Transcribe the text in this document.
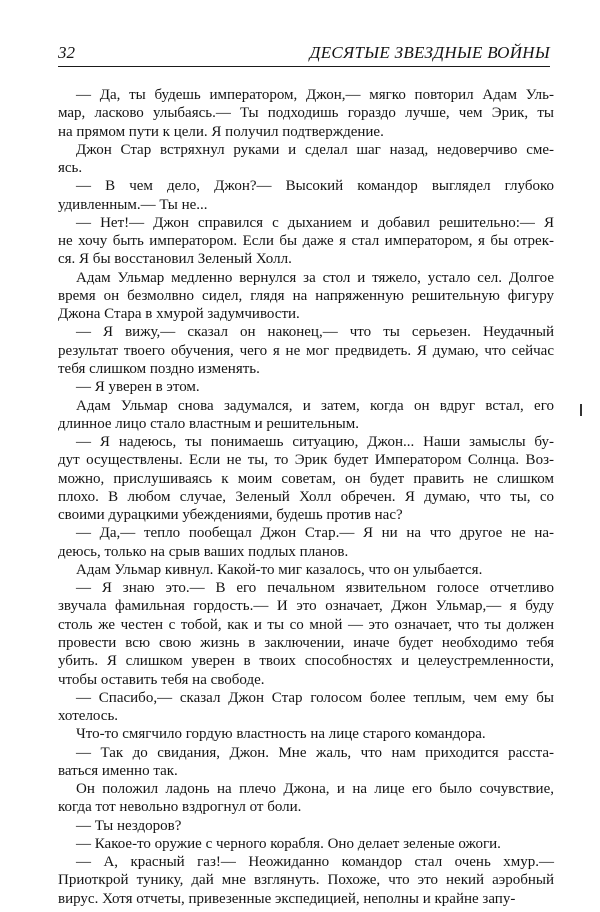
32	ДЕСЯТЫЕ ЗВЕЗДНЫЕ ВОЙНЫ
— Да, ты будешь императором, Джон,— мягко повторил Адам Уль-
мар, ласково улыбаясь.— Ты подходишь гораздо лучше, чем Эрик, ты
на прямом пути к цели. Я получил подтверждение.
Джон Стар встряхнул руками и сделал шаг назад, недоверчиво сме-
ясь.
— В чем дело, Джон?— Высокий командор выглядел глубоко
удивленным.— Ты не...
— Нет!— Джон справился с дыханием и добавил решительно:— Я
не хочу быть императором. Если бы даже я стал императором, я бы отрек-
ся. Я бы восстановил Зеленый Холл.
Адам Ульмар медленно вернулся за стол и тяжело, устало сел. Долгое
время он безмолвно сидел, глядя на напряженную решительную фигуру
Джона Стара в хмурой задумчивости.
— Я вижу,— сказал он наконец,— что ты серьезен. Неудачный
результат твоего обучения, чего я не мог предвидеть. Я думаю, что сейчас
тебя слишком поздно изменять.
— Я уверен в этом.
Адам Ульмар снова задумался, и затем, когда он вдруг встал, его
длинное лицо стало властным и решительным.
— Я надеюсь, ты понимаешь ситуацию, Джон... Наши замыслы бу-
дут осуществлены. Если не ты, то Эрик будет Императором Солнца. Воз-
можно, прислушиваясь к моим советам, он будет править не слишком
плохо. В любом случае, Зеленый Холл обречен. Я думаю, что ты, со
своими дурацкими убеждениями, будешь против нас?
— Да,— тепло пообещал Джон Стар.— Я ни на что другое не на-
деюсь, только на срыв ваших подлых планов.
Адам Ульмар кивнул. Какой-то миг казалось, что он улыбается.
— Я знаю это.— В его печальном язвительном голосе отчетливо
звучала фамильная гордость.— И это означает, Джон Ульмар,— я буду
столь же честен с тобой, как и ты со мной — это означает, что ты должен
провести всю свою жизнь в заключении, иначе будет необходимо тебя
убить. Я слишком уверен в твоих способностях и целеустремленности,
чтобы оставить тебя на свободе.
— Спасибо,— сказал Джон Стар голосом более теплым, чем ему бы
хотелось.
Что-то смягчило гордую властность на лице старого командора.
— Так до свидания, Джон. Мне жаль, что нам приходится расста-
ваться именно так.
Он положил ладонь на плечо Джона, и на лице его было сочувствие,
когда тот невольно вздрогнул от боли.
— Ты нездоров?
— Какое-то оружие с черного корабля. Оно делает зеленые ожоги.
— А, красный газ!— Неожиданно командор стал очень хмур.—
Приоткрой тунику, дай мне взглянуть. Похоже, что это некий аэробный
вирус. Хотя отчеты, привезенные экспедицией, неполны и крайне запу-
